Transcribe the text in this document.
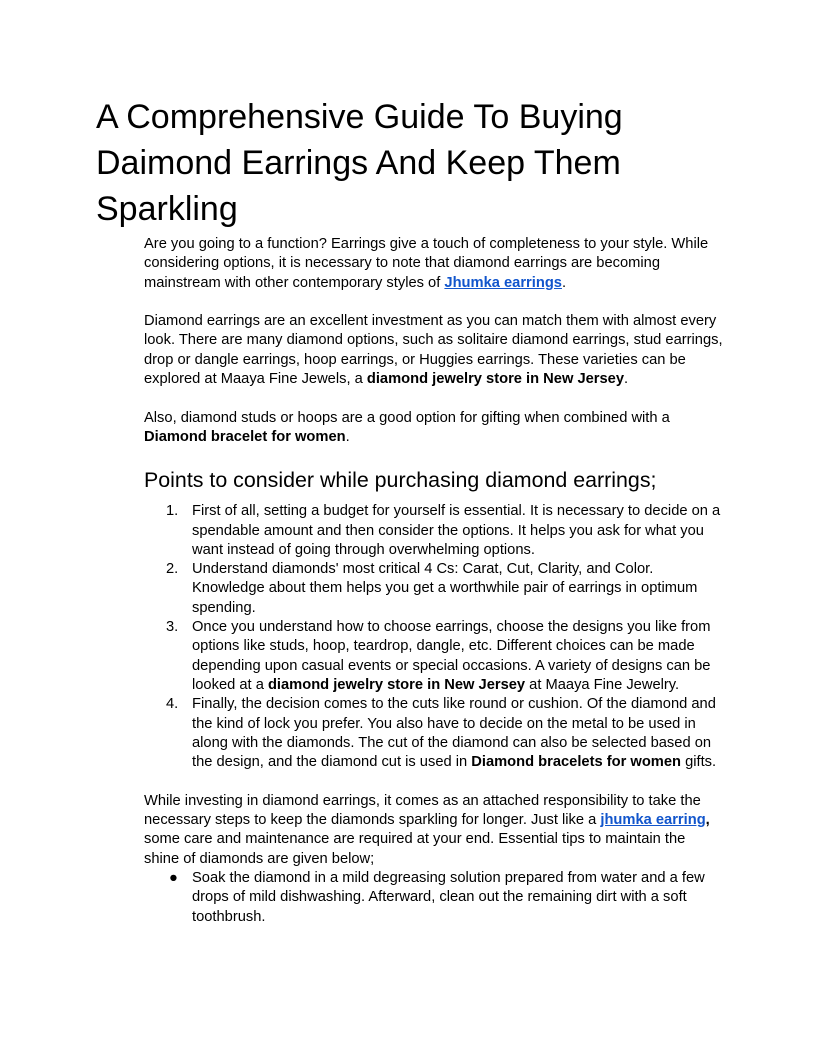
A Comprehensive Guide To Buying Daimond Earrings And Keep Them Sparkling

Are you going to a function? Earrings give a touch of completeness to your style. While considering options, it is necessary to note that diamond earrings are becoming mainstream with other contemporary styles of Jhumka earrings.

Diamond earrings are an excellent investment as you can match them with almost every look. There are many diamond options, such as solitaire diamond earrings, stud earrings, drop or dangle earrings, hoop earrings, or Huggies earrings. These varieties can be explored at Maaya Fine Jewels, a diamond jewelry store in New Jersey.

Also, diamond studs or hoops are a good option for gifting when combined with a Diamond bracelet for women.

Points to consider while purchasing diamond earrings;
1. First of all, setting a budget for yourself is essential. It is necessary to decide on a spendable amount and then consider the options. It helps you ask for what you want instead of going through overwhelming options.
2. Understand diamonds' most critical 4 Cs: Carat, Cut, Clarity, and Color. Knowledge about them helps you get a worthwhile pair of earrings in optimum spending.
3. Once you understand how to choose earrings, choose the designs you like from options like studs, hoop, teardrop, dangle, etc. Different choices can be made depending upon casual events or special occasions. A variety of designs can be looked at a diamond jewelry store in New Jersey at Maaya Fine Jewelry.
4. Finally, the decision comes to the cuts like round or cushion. Of the diamond and the kind of lock you prefer. You also have to decide on the metal to be used in along with the diamonds. The cut of the diamond can also be selected based on the design, and the diamond cut is used in Diamond bracelets for women gifts.

While investing in diamond earrings, it comes as an attached responsibility to take the necessary steps to keep the diamonds sparkling for longer. Just like a jhumka earring, some care and maintenance are required at your end. Essential tips to maintain the shine of diamonds are given below;

● Soak the diamond in a mild degreasing solution prepared from water and a few drops of mild dishwashing. Afterward, clean out the remaining dirt with a soft toothbrush.
